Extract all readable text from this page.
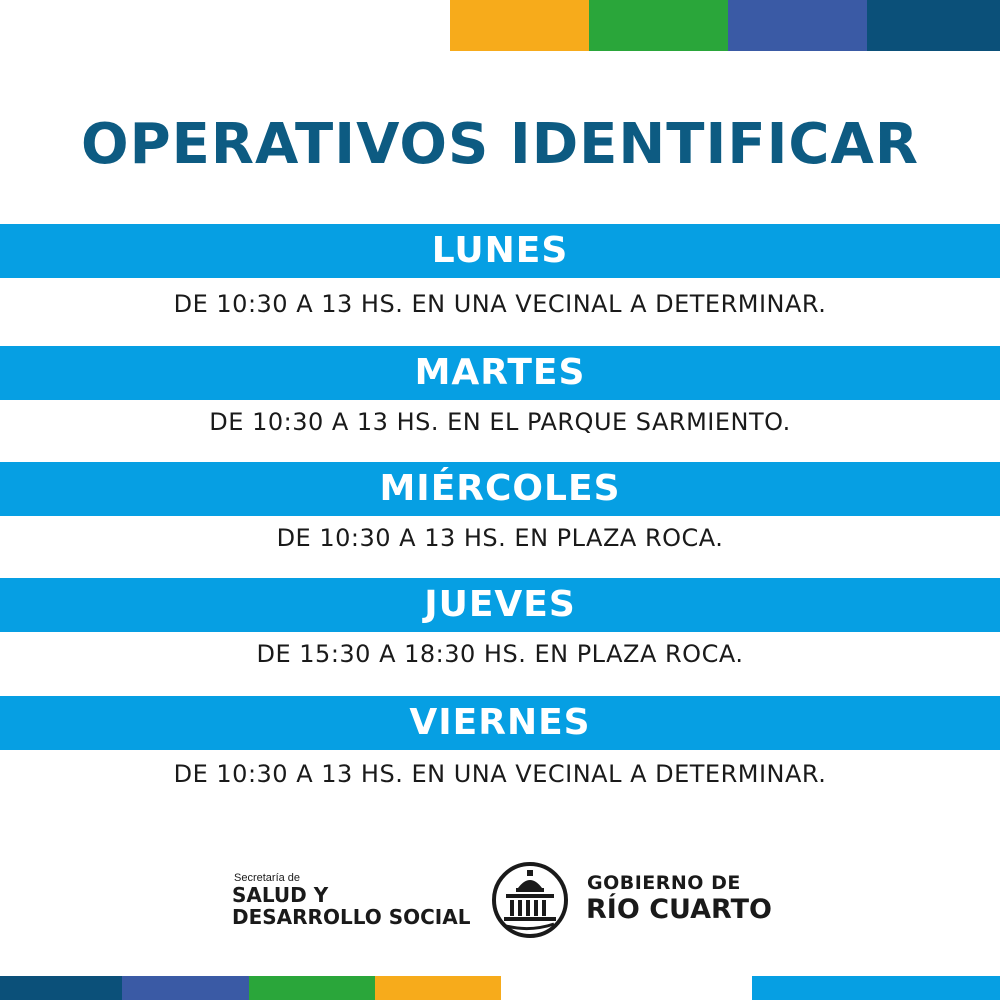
OPERATIVOS IDENTIFICAR
LUNES
DE 10:30 A 13 HS. EN UNA VECINAL A DETERMINAR.
MARTES
DE 10:30 A 13 HS. EN EL PARQUE SARMIENTO.
MIÉRCOLES
DE 10:30 A 13 HS. EN PLAZA ROCA.
JUEVES
DE 15:30 A 18:30 HS. EN PLAZA ROCA.
VIERNES
DE 10:30 A 13 HS. EN UNA VECINAL A DETERMINAR.
Secretaría de
SALUD Y
DESARROLLO SOCIAL
GOBIERNO DE
RÍO CUARTO
